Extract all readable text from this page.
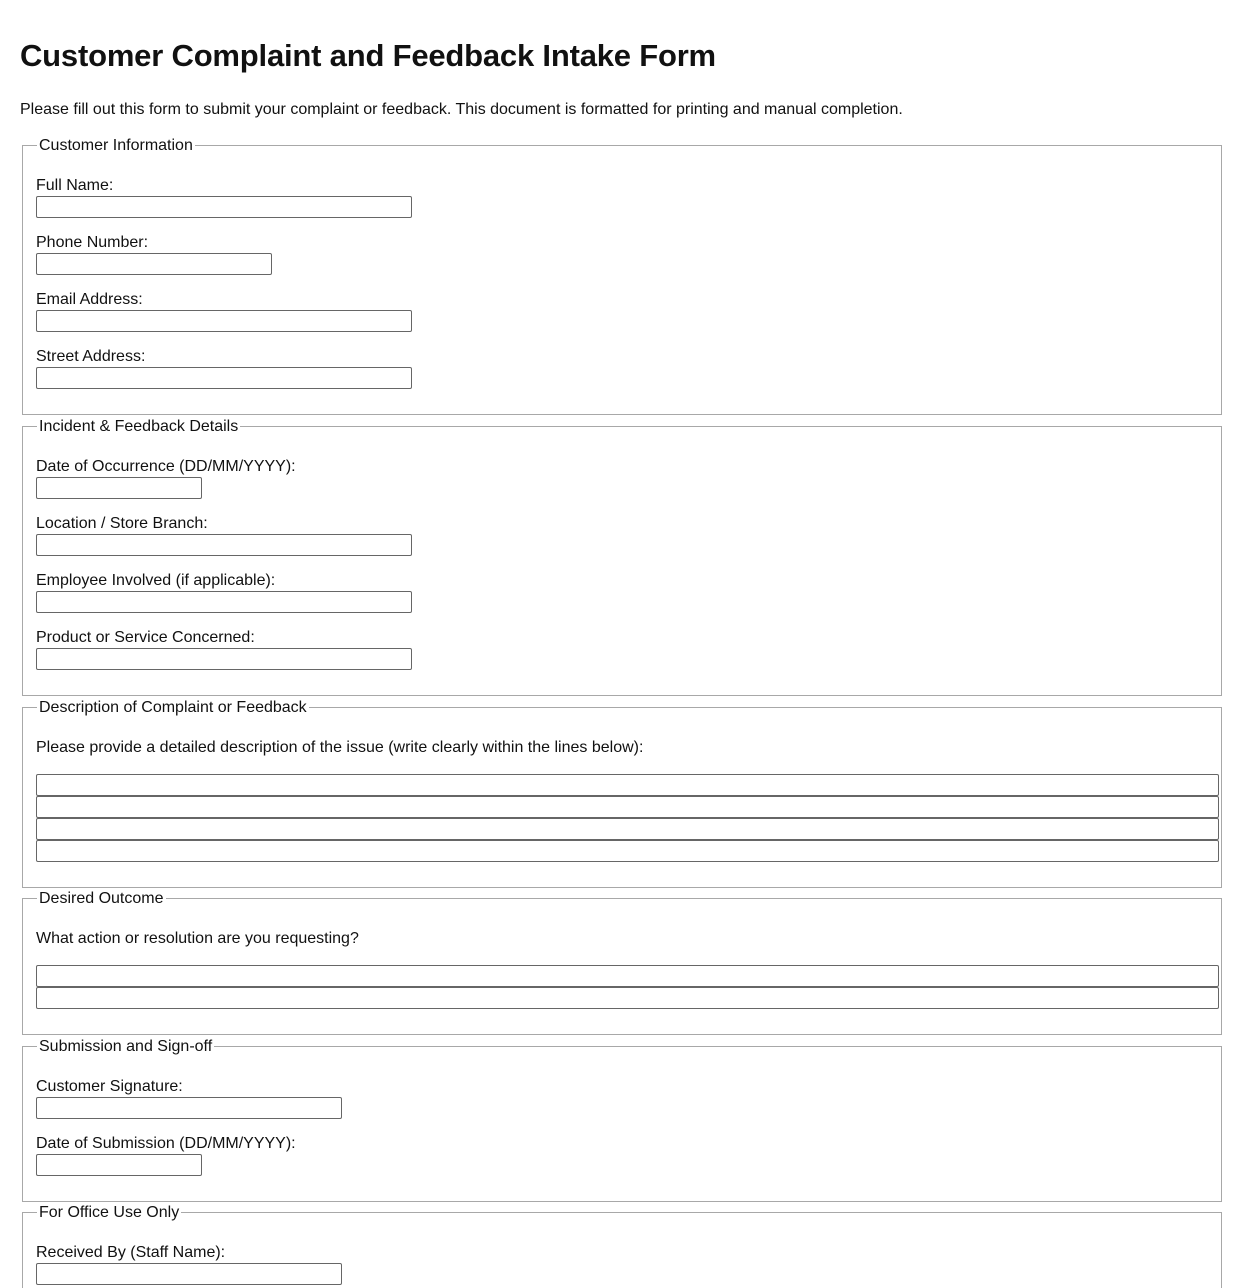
Customer Complaint and Feedback Intake Form

Please fill out this form to submit your complaint or feedback. This document is formatted for printing and manual completion.

Customer Information
Full Name:
Phone Number:
Email Address:
Street Address:
Incident & Feedback Details
Date of Occurrence (DD/MM/YYYY):
Location / Store Branch:
Employee Involved (if applicable):
Product or Service Concerned:
Description of Complaint or Feedback
Please provide a detailed description of the issue (write clearly within the lines below):
Desired Outcome
What action or resolution are you requesting?
Submission and Sign-off
Customer Signature:
Date of Submission (DD/MM/YYYY):
For Office Use Only
Received By (Staff Name):
